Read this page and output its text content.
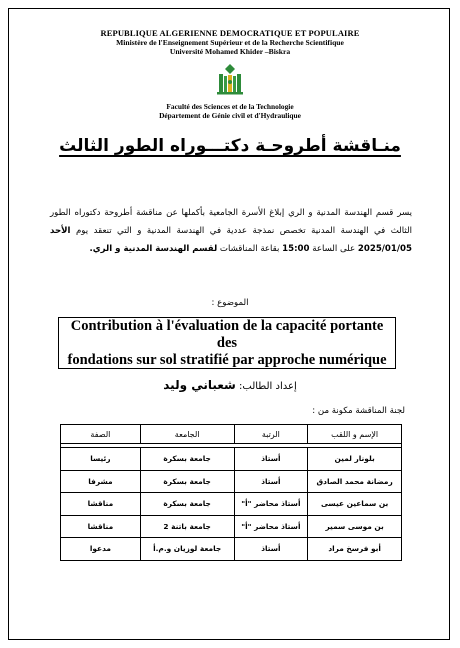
REPUBLIQUE ALGERIENNE DEMOCRATIQUE ET POPULAIRE
Ministère de l'Enseignement Supérieur et de la Recherche Scientifique
Université Mohamed Khider –Biskra
Faculté des Sciences et de la Technologie
Département de Génie civil et d'Hydraulique
منـاقشة أطروحـة دكتـــوراه الطور الثالث
يسر قسم الهندسة المدنية و الري إبلاغ الأسرة الجامعية بأكملها عن مناقشة أطروحة دكتوراه الطور الثالث في الهندسة المدنية تخصص نمذجة عددية في الهندسة المدنية و التي تنعقد يوم الأحد 2025/01/05 على الساعة 15:00 بقاعة المناقشات لقسم الهندسة المدنية و الري.
الموضوع :
Contribution à l'évaluation de la capacité portante des
fondations sur sol stratifié par approche numérique
إعداد الطالب: شعباني وليد
لجنة المناقشة مكونة من :
الإسم و اللقب	الرتبة	الجامعة	الصفة

بلونار لمين	أستاذ	جامعة بسكرة	رئيسا
رمضانة محمد الصادق	أستاذ	جامعة بسكرة	مشرفا
بن سماعين عيسى	أستاذ محاضر "أ"	جامعة بسكرة	مناقشا
بن موسى سمير	أستاذ محاضر "أ"	جامعة باتنة 2	مناقشا
أبو فرسخ مراد	أستاذ	جامعة لوزيان و.م.أ	مدعوا
